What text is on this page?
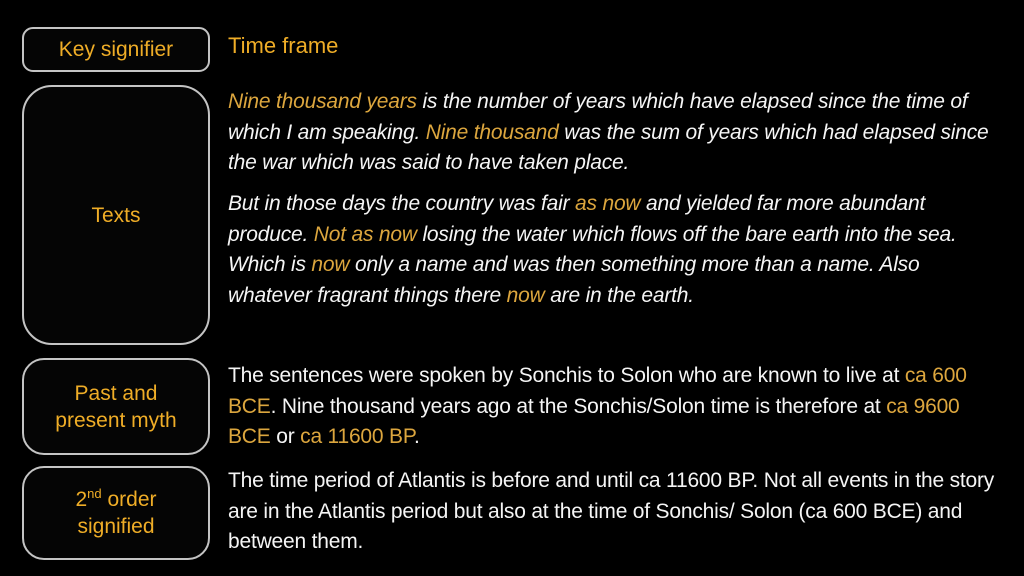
Key signifier
Texts
Past and
present myth
2nd order
signified
Time frame

Nine thousand years is the number of years which have elapsed since the time of which I am speaking. Nine thousand was the sum of years which had elapsed since the war which was said to have taken place.

But in those days the country was fair as now and yielded far more abundant produce. Not as now losing the water which flows off the bare earth into the sea. Which is now only a name and was then something more than a name. Also whatever fragrant things there now are in the earth.

The sentences were spoken by Sonchis to Solon who are known to live at ca 600 BCE. Nine thousand years ago at the Sonchis/Solon time is therefore at ca 9600 BCE or ca 11600 BP.

The time period of Atlantis is before and until ca 11600 BP. Not all events in the story are in the Atlantis period but also at the time of Sonchis/ Solon (ca 600 BCE) and between them.
